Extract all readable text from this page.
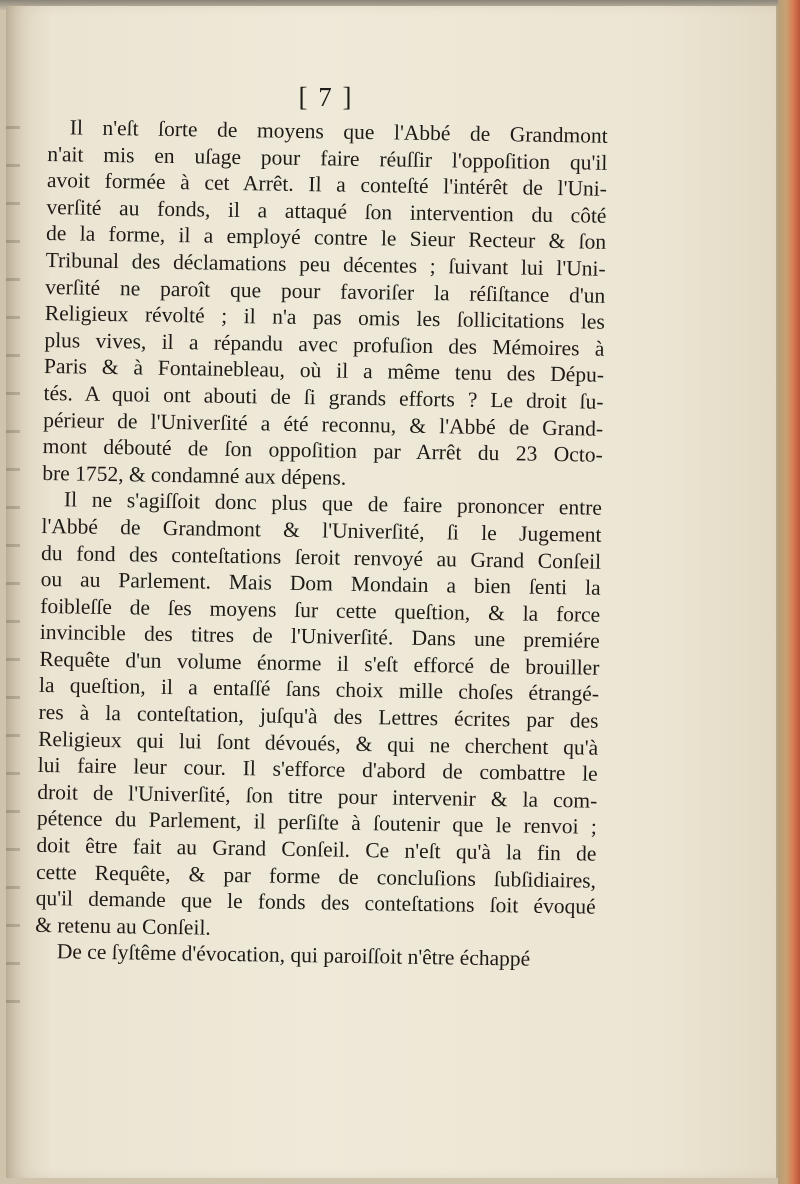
[ 7 ]
Il n'eſt ſorte de moyens que l'Abbé de Grandmont
n'ait mis en uſage pour faire réuſſir l'oppoſition qu'il
avoit formée à cet Arrêt. Il a conteſté l'intérêt de l'Uni-
verſité au fonds, il a attaqué ſon intervention du côté
de la forme, il a employé contre le Sieur Recteur & ſon
Tribunal des déclamations peu décentes ; ſuivant lui l'Uni-
verſité ne paroît que pour favoriſer la réſiſtance d'un
Religieux révolté ; il n'a pas omis les ſollicitations les
plus vives, il a répandu avec profuſion des Mémoires à
Paris & à Fontainebleau, où il a même tenu des Dépu-
tés. A quoi ont abouti de ſi grands efforts ? Le droit ſu-
périeur de l'Univerſité a été reconnu, & l'Abbé de Grand-
mont débouté de ſon oppoſition par Arrêt du 23 Octo-
bre 1752, & condamné aux dépens.
Il ne s'agiſſoit donc plus que de faire prononcer entre
l'Abbé de Grandmont & l'Univerſité, ſi le Jugement
du fond des conteſtations ſeroit renvoyé au Grand Conſeil
ou au Parlement. Mais Dom Mondain a bien ſenti la
foibleſſe de ſes moyens ſur cette queſtion, & la force
invincible des titres de l'Univerſité. Dans une premiére
Requête d'un volume énorme il s'eſt efforcé de brouiller
la queſtion, il a entaſſé ſans choix mille choſes étrangé-
res à la conteſtation, juſqu'à des Lettres écrites par des
Religieux qui lui ſont dévoués, & qui ne cherchent qu'à
lui faire leur cour. Il s'efforce d'abord de combattre le
droit de l'Univerſité, ſon titre pour intervenir & la com-
pétence du Parlement, il perſiſte à ſoutenir que le renvoi ;
doit être fait au Grand Conſeil. Ce n'eſt qu'à la fin de
cette Requête, & par forme de concluſions ſubſidiaires,
qu'il demande que le fonds des conteſtations ſoit évoqué
& retenu au Conſeil.
De ce ſyſtême d'évocation, qui paroiſſoit n'être échappé
